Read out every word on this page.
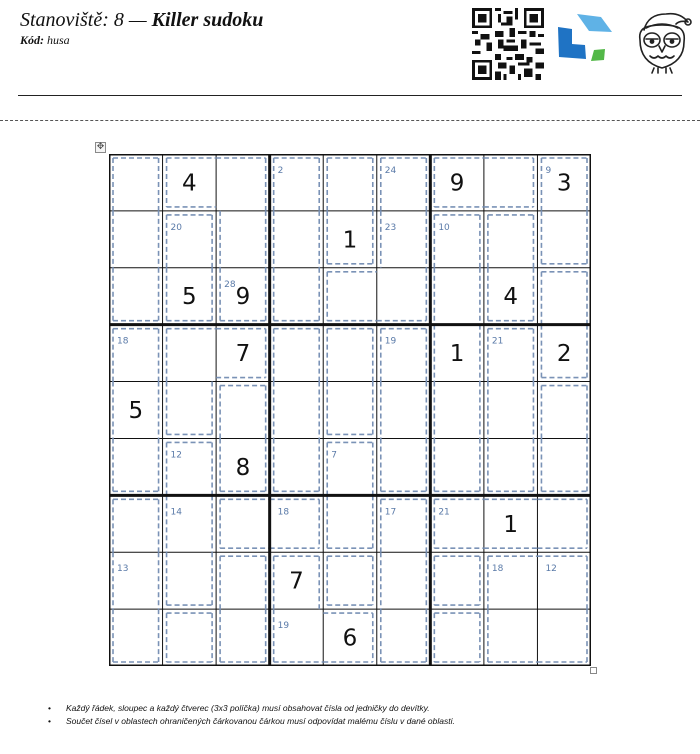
Stanoviště: 8 — Killer sudoku
Kód: husa
✥
2	24	9
20	23	10
28
18	19	21
12	7
14	18	17	21
13	18	12
19
4	9	3
1
5 9	4
7	1	2
5
8
1
7
6
• Každý řádek, sloupec a každý čtverec (3x3 políčka) musí obsahovat čísla od jedničky do devítky.
• Součet čísel v oblastech ohraničených čárkovanou čárkou musí odpovídat malému číslu v dané oblasti.
